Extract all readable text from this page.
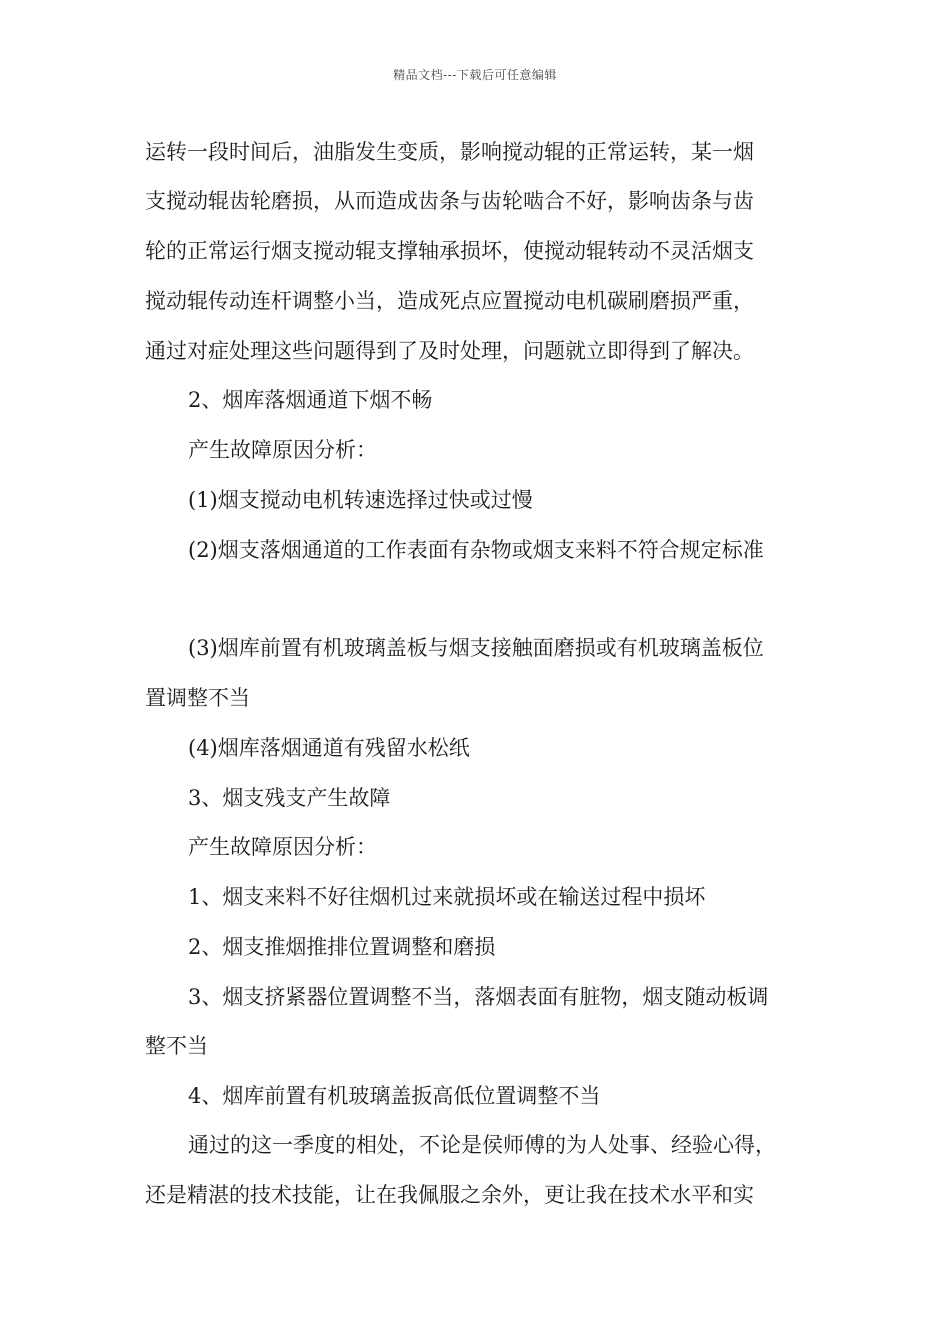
精品文档---下载后可任意编辑
运转一段时间后，油脂发生变质，影响搅动辊的正常运转，某一烟
支搅动辊齿轮磨损，从而造成齿条与齿轮啮合不好，影响齿条与齿
轮的正常运行烟支搅动辊支撑轴承损坏，使搅动辊转动不灵活烟支
搅动辊传动连杆调整小当，造成死点应置搅动电机碳刷磨损严重，
通过对症处理这些问题得到了及时处理，问题就立即得到了解决。
2、烟库落烟通道下烟不畅
产生故障原因分析：
(1)烟支搅动电机转速选择过快或过慢
(2)烟支落烟通道的工作表面有杂物或烟支来料不符合规定标准
(3)烟库前置有机玻璃盖板与烟支接触面磨损或有机玻璃盖板位
置调整不当
(4)烟库落烟通道有残留水松纸
3、烟支残支产生故障
产生故障原因分析：
1、烟支来料不好往烟机过来就损坏或在输送过程中损坏
2、烟支推烟推排位置调整和磨损
3、烟支挤紧器位置调整不当，落烟表面有脏物，烟支随动板调
整不当
4、烟库前置有机玻璃盖扳高低位置调整不当
通过的这一季度的相处，不论是侯师傅的为人处事、经验心得，
还是精湛的技术技能，让在我佩服之余外，更让我在技术水平和实
